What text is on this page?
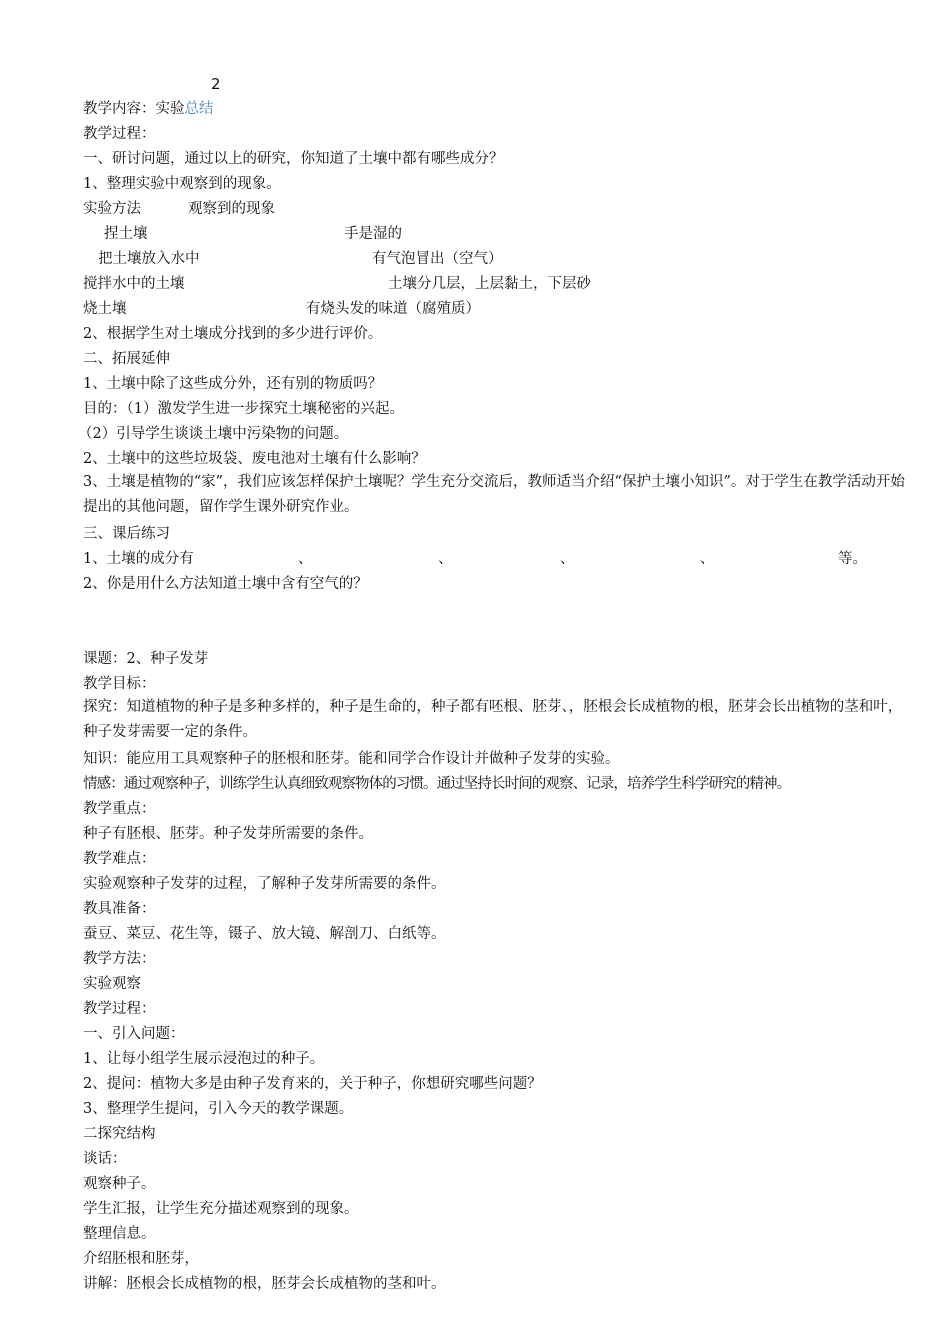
2
教学内容：实验总结
教学过程：
一、研讨问题，通过以上的研究，你知道了土壤中都有哪些成分？
1、整理实验中观察到的现象。
实验方法	观察到的现象
捏土壤	手是湿的
把土壤放入水中	有气泡冒出（空气）
搅拌水中的土壤	土壤分几层，上层黏土，下层砂
烧土壤	有烧头发的味道（腐殖质）
2、根据学生对土壤成分找到的多少进行评价。
二、拓展延伸
1、土壤中除了这些成分外，还有别的物质吗？
目的：（1）激发学生进一步探究土壤秘密的兴起。
（2）引导学生谈谈土壤中污染物的问题。
2、土壤中的这些垃圾袋、废电池对土壤有什么影响？
3、土壤是植物的“家”，我们应该怎样保护土壤呢？学生充分交流后，教师适当介绍“保护土壤小知识”。对于学生在教学活动开始提出的其他问题，留作学生课外研究作业。
三、课后练习
1、土壤的成分有	、	、	、	、	等。
2、你是用什么方法知道土壤中含有空气的？
课题：2、种子发芽
教学目标：
探究：知道植物的种子是多种多样的，种子是生命的，种子都有呸根、胚芽、，胚根会长成植物的根，胚芽会长出植物的茎和叶，种子发芽需要一定的条件。
知识：能应用工具观察种子的胚根和胚芽。能和同学合作设计并做种子发芽的实验。
情感：通过观察种子，训练学生认真细致观察物体的习惯。通过坚持长时间的观察、记录，培养学生科学研究的精神。
教学重点：
种子有胚根、胚芽。种子发芽所需要的条件。
教学难点：
实验观察种子发芽的过程，了解种子发芽所需要的条件。
教具准备：
蚕豆、菜豆、花生等，镊子、放大镜、解剖刀、白纸等。
教学方法：
实验观察
教学过程：
一、引入问题：
1、让每小组学生展示浸泡过的种子。
2、提问：植物大多是由种子发育来的，关于种子，你想研究哪些问题？
3、整理学生提问，引入今天的教学课题。
二探究结构
谈话：
观察种子。
学生汇报，让学生充分描述观察到的现象。
整理信息。
介绍胚根和胚芽，
讲解：胚根会长成植物的根，胚芽会长成植物的茎和叶。
